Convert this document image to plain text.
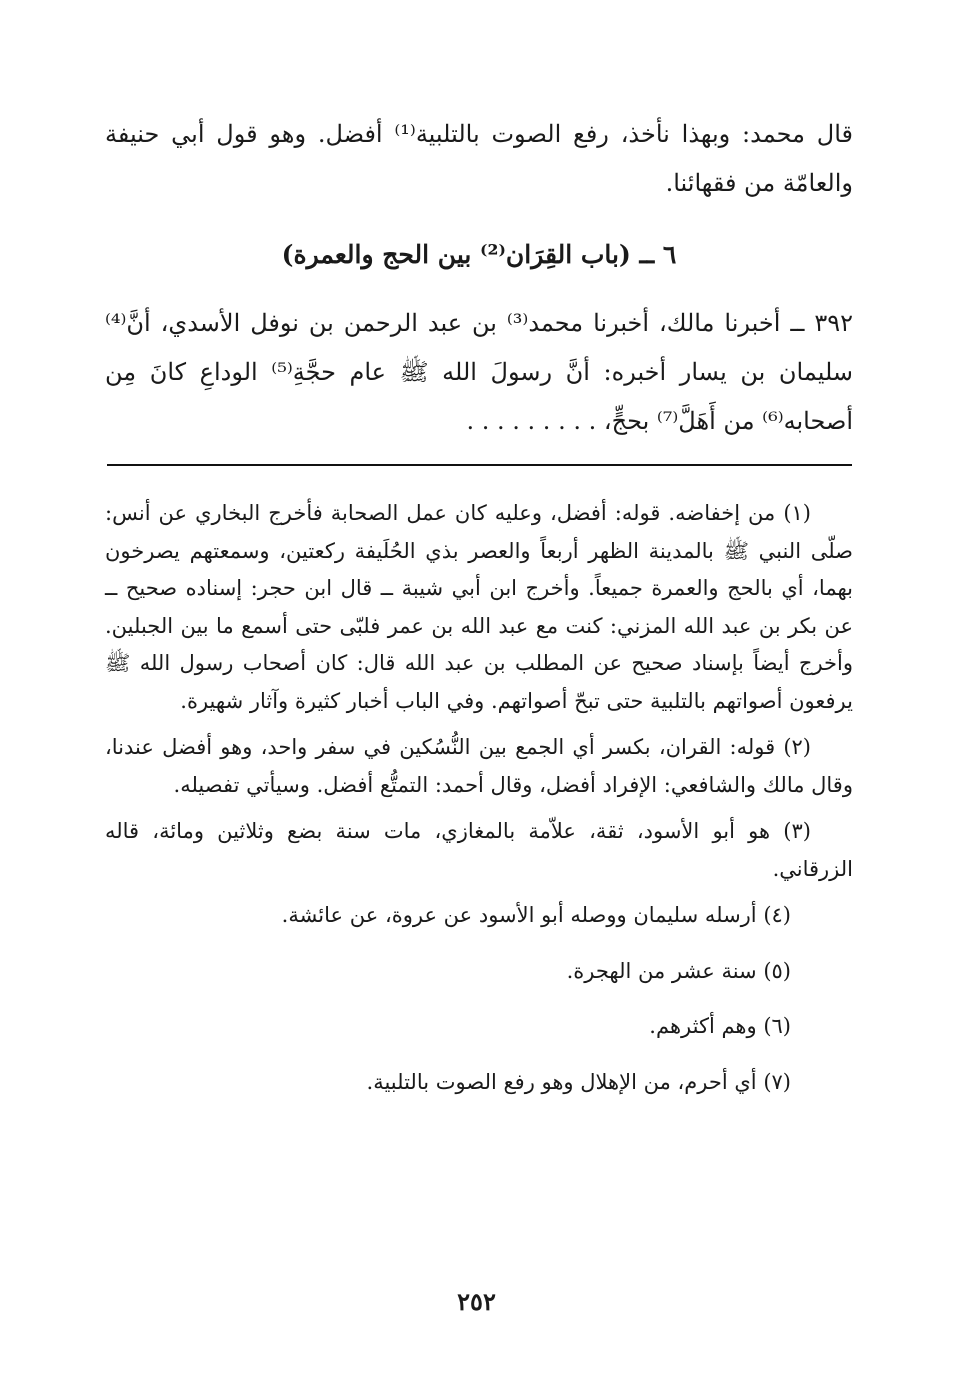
قال محمد: وبهذا نأخذ، رفع الصوت بالتلبية⁽¹⁾ أفضل. وهو قول أبي حنيفة والعامّة من فقهائنا.

٦ ــ (باب القِرَان⁽²⁾ بين الحج والعمرة)

٣٩٢ ــ أخبرنا مالك، أخبرنا محمد⁽³⁾ بن عبد الرحمن بن نوفل الأسدي، أنَّ⁽⁴⁾ سليمان بن يسار أخبره: أنَّ رسولَ الله ﷺ عام حجَّةِ⁽⁵⁾ الوداعِ كانَ مِن أصحابه⁽⁶⁾ من أَهَلَّ⁽⁷⁾ بحجٍّ، . . . . . . . . .

(١) من إخفاضه. قوله: أفضل، وعليه كان عمل الصحابة فأخرج البخاري عن أنس: صلّى النبي ﷺ بالمدينة الظهر أربعاً والعصر بذي الحُلَيفة ركعتين، وسمعتهم يصرخون بهما، أي بالحج والعمرة جميعاً. وأخرج ابن أبي شيبة ــ قال ابن حجر: إسناده صحيح ــ عن بكر بن عبد الله المزني: كنت مع عبد الله بن عمر فلبّى حتى أسمع ما بين الجبلين. وأخرج أيضاً بإسناد صحيح عن المطلب بن عبد الله قال: كان أصحاب رسول الله ﷺ يرفعون أصواتهم بالتلبية حتى تبحّ أصواتهم. وفي الباب أخبار كثيرة وآثار شهيرة.

(٢) قوله: القران، بكسر أي الجمع بين النُّسُكين في سفر واحد، وهو أفضل عندنا، وقال مالك والشافعي: الإفراد أفضل، وقال أحمد: التمتُّع أفضل. وسيأتي تفصيله.

(٣) هو أبو الأسود، ثقة، علاّمة بالمغازي، مات سنة بضع وثلاثين ومائة، قاله الزرقاني.

(٤) أرسله سليمان ووصله أبو الأسود عن عروة، عن عائشة.

(٥) سنة عشر من الهجرة.

(٦) وهم أكثرهم.

(٧) أي أحرم، من الإهلال وهو رفع الصوت بالتلبية.

٢٥٢
